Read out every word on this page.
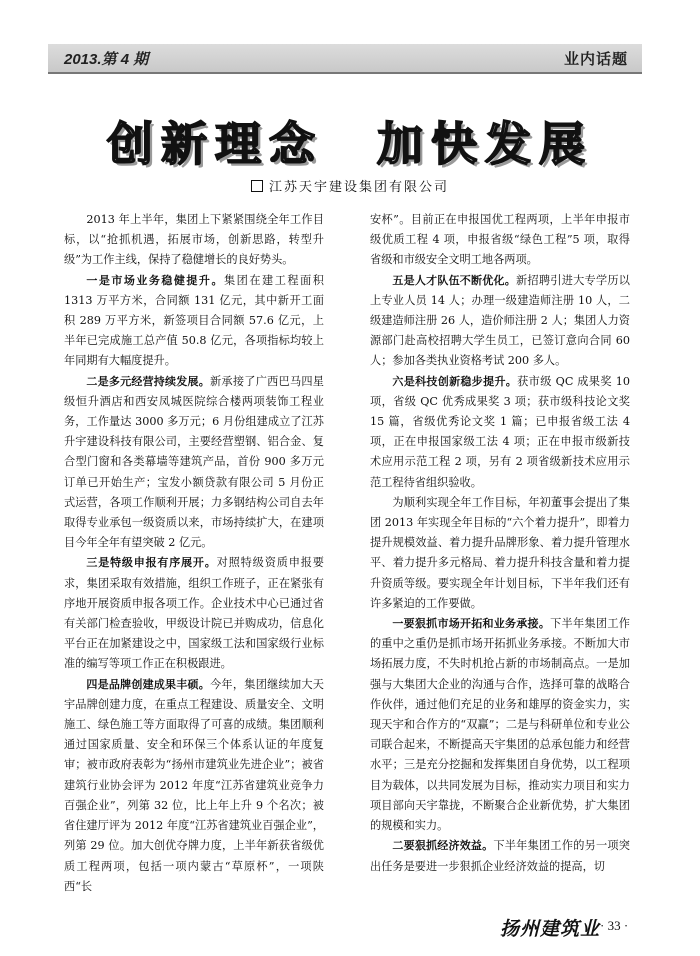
2013.第 4 期	业内话题
创新理念　加快发展
江苏天宇建设集团有限公司

2013 年上半年，集团上下紧紧围绕全年工作目标，以“抢抓机遇，拓展市场，创新思路，转型升级”为工作主线，保持了稳健增长的良好势头。

一是市场业务稳健提升。集团在建工程面积 1313 万平方米，合同额 131 亿元，其中新开工面积 289 万平方米，新签项目合同额 57.6 亿元，上半年已完成施工总产值 50.8 亿元，各项指标均较上年同期有大幅度提升。

二是多元经营持续发展。新承接了广西巴马四星级恒升酒店和西安凤城医院综合楼两项装饰工程业务，工作量达 3000 多万元；6 月份组建成立了江苏升宇建设科技有限公司，主要经营塑钢、铝合金、复合型门窗和各类幕墙等建筑产品，首份 900 多万元订单已开始生产；宝发小额贷款有限公司 5 月份正式运营，各项工作顺利开展；力多钢结构公司自去年取得专业承包一级资质以来，市场持续扩大，在建项目今年全年有望突破 2 亿元。

三是特级申报有序展开。对照特级资质申报要求，集团采取有效措施，组织工作班子，正在紧张有序地开展资质申报各项工作。企业技术中心已通过省有关部门检查验收，甲级设计院已并购成功，信息化平台正在加紧建设之中，国家级工法和国家级行业标准的编写等项工作正在积极跟进。

四是品牌创建成果丰硕。今年，集团继续加大天宇品牌创建力度，在重点工程建设、质量安全、文明施工、绿色施工等方面取得了可喜的成绩。集团顺利通过国家质量、安全和环保三个体系认证的年度复审；被市政府表彰为“扬州市建筑业先进企业”；被省建筑行业协会评为 2012 年度“江苏省建筑业竞争力百强企业”，列第 32 位，比上年上升 9 个名次；被省住建厅评为 2012 年度“江苏省建筑业百强企业”，列第 29 位。加大创优夺牌力度，上半年新获省级优质工程两项，包括一项内蒙古“草原杯”，一项陕西“长

安杯”。目前正在申报国优工程两项，上半年申报市级优质工程 4 项，申报省级“绿色工程”5 项，取得省级和市级安全文明工地各两项。

五是人才队伍不断优化。新招聘引进大专学历以上专业人员 14 人；办理一级建造师注册 10 人，二级建造师注册 26 人，造价师注册 2 人；集团人力资源部门赴高校招聘大学生员工，已签订意向合同 60 人；参加各类执业资格考试 200 多人。

六是科技创新稳步提升。获市级 QC 成果奖 10 项，省级 QC 优秀成果奖 3 项；获市级科技论文奖 15 篇，省级优秀论文奖 1 篇；已申报省级工法 4 项，正在申报国家级工法 4 项；正在申报市级新技术应用示范工程 2 项，另有 2 项省级新技术应用示范工程待省组织验收。

为顺利实现全年工作目标，年初董事会提出了集团 2013 年实现全年目标的“六个着力提升”，即着力提升规模效益、着力提升品牌形象、着力提升管理水平、着力提升多元格局、着力提升科技含量和着力提升资质等级。要实现全年计划目标，下半年我们还有许多紧迫的工作要做。

一要狠抓市场开拓和业务承接。下半年集团工作的重中之重仍是抓市场开拓抓业务承接。不断加大市场拓展力度，不失时机抢占新的市场制高点。一是加强与大集团大企业的沟通与合作，选择可靠的战略合作伙伴，通过他们充足的业务和雄厚的资金实力，实现天宇和合作方的“双赢”；二是与科研单位和专业公司联合起来，不断提高天宇集团的总承包能力和经营水平；三是充分挖掘和发挥集团自身优势，以工程项目为载体，以共同发展为目标，推动实力项目和实力项目部向天宇靠拢，不断聚合企业新优势，扩大集团的规模和实力。

二要狠抓经济效益。下半年集团工作的另一项突出任务是要进一步狠抓企业经济效益的提高，切

扬州建筑业 · 33 ·
